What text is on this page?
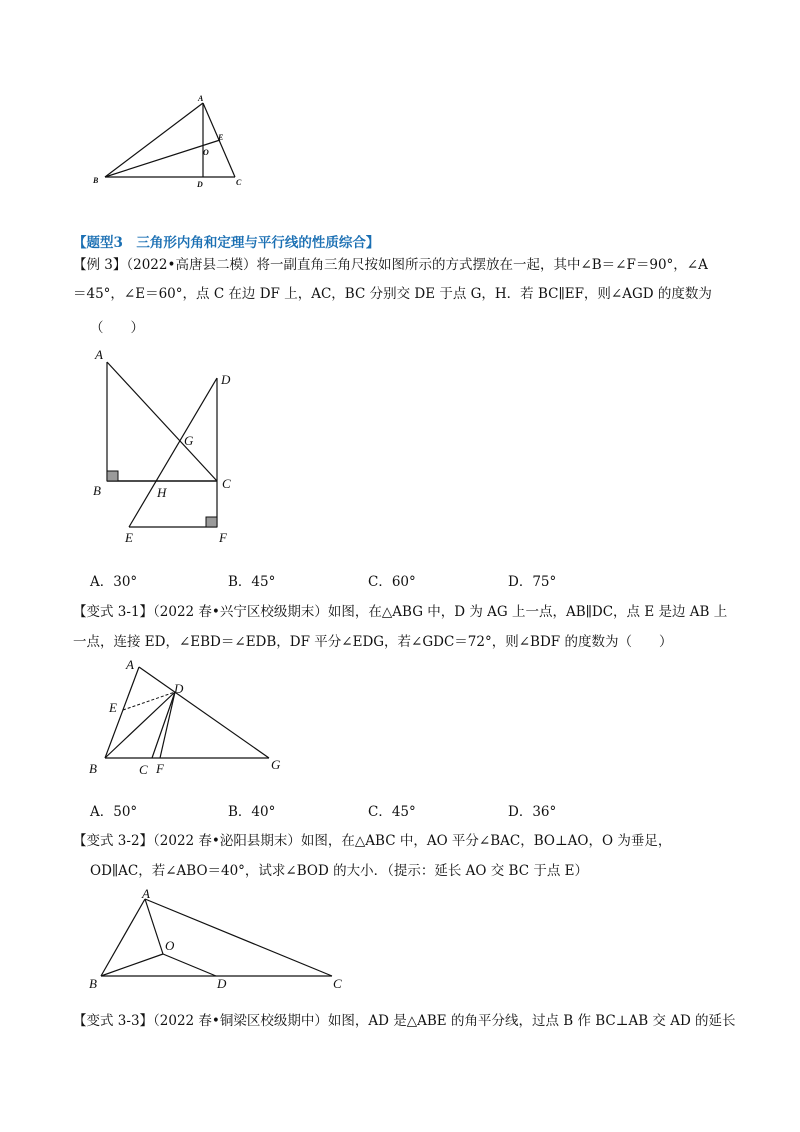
A
B	C
D
E
O
【题型3　三角形内角和定理与平行线的性质综合】
【例 3】（2022•高唐县二模）将一副直角三角尺按如图所示的方式摆放在一起，其中∠B＝∠F＝90°，∠A
＝45°，∠E＝60°，点 C 在边 DF 上，AC，BC 分别交 DE 于点 G，H．若 BC∥EF，则∠AGD 的度数为
（　　）
A
B	C
D
E	F
G
H
A．30°	B．45°	C．60°	D．75°
【变式 3-1】（2022 春•兴宁区校级期末）如图，在△ABG 中，D 为 AG 上一点，AB∥DC，点 E 是边 AB 上
一点，连接 ED，∠EBD＝∠EDB，DF 平分∠EDG，若∠GDC＝72°，则∠BDF 的度数为（　　）
A
B	C
D
E
F	G
A．50°	B．40°	C．45°	D．36°
【变式 3-2】（2022 春•泌阳县期末）如图，在△ABC 中，AO 平分∠BAC，BO⊥AO，O 为垂足，
OD∥AC，若∠ABO＝40°，试求∠BOD 的大小．（提示：延长 AO 交 BC 于点 E）
A
B	C
D
O
【变式 3-3】（2022 春•铜梁区校级期中）如图，AD 是△ABE 的角平分线，过点 B 作 BC⊥AB 交 AD 的延长
